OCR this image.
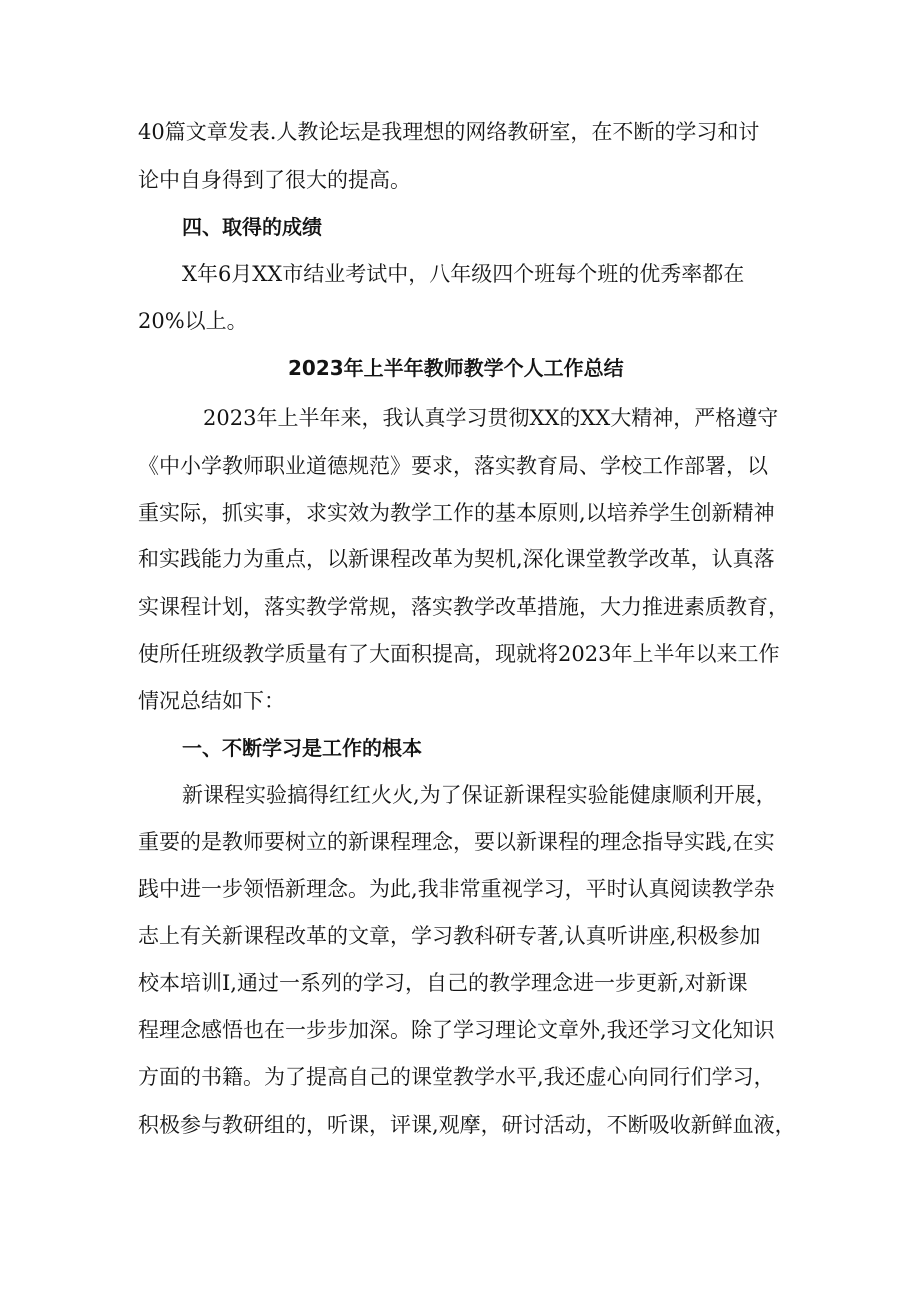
40篇文章发表.人教论坛是我理想的网络教研室，在不断的学习和讨
论中自身得到了很大的提高。
四、取得的成绩
X年6月XX市结业考试中，八年级四个班每个班的优秀率都在
20%以上。
2023年上半年教师教学个人工作总结
2023年上半年来，我认真学习贯彻XX的XX大精神，严格遵守
《中小学教师职业道德规范》要求，落实教育局、学校工作部署，以
重实际，抓实事，求实效为教学工作的基本原则,以培养学生创新精神
和实践能力为重点，以新课程改革为契机,深化课堂教学改革，认真落
实课程计划，落实教学常规，落实教学改革措施，大力推进素质教育，
使所任班级教学质量有了大面积提高，现就将2023年上半年以来工作
情况总结如下：
一、不断学习是工作的根本
新课程实验搞得红红火火,为了保证新课程实验能健康顺利开展，
重要的是教师要树立的新课程理念，要以新课程的理念指导实践,在实
践中进一步领悟新理念。为此,我非常重视学习，平时认真阅读教学杂
志上有关新课程改革的文章，学习教科研专著,认真听讲座,积极参加
校本培训I,通过一系列的学习，自己的教学理念进一步更新,对新课
程理念感悟也在一步步加深。除了学习理论文章外,我还学习文化知识
方面的书籍。为了提高自己的课堂教学水平,我还虚心向同行们学习，
积极参与教研组的，听课，评课,观摩，研讨活动，不断吸收新鲜血液，
